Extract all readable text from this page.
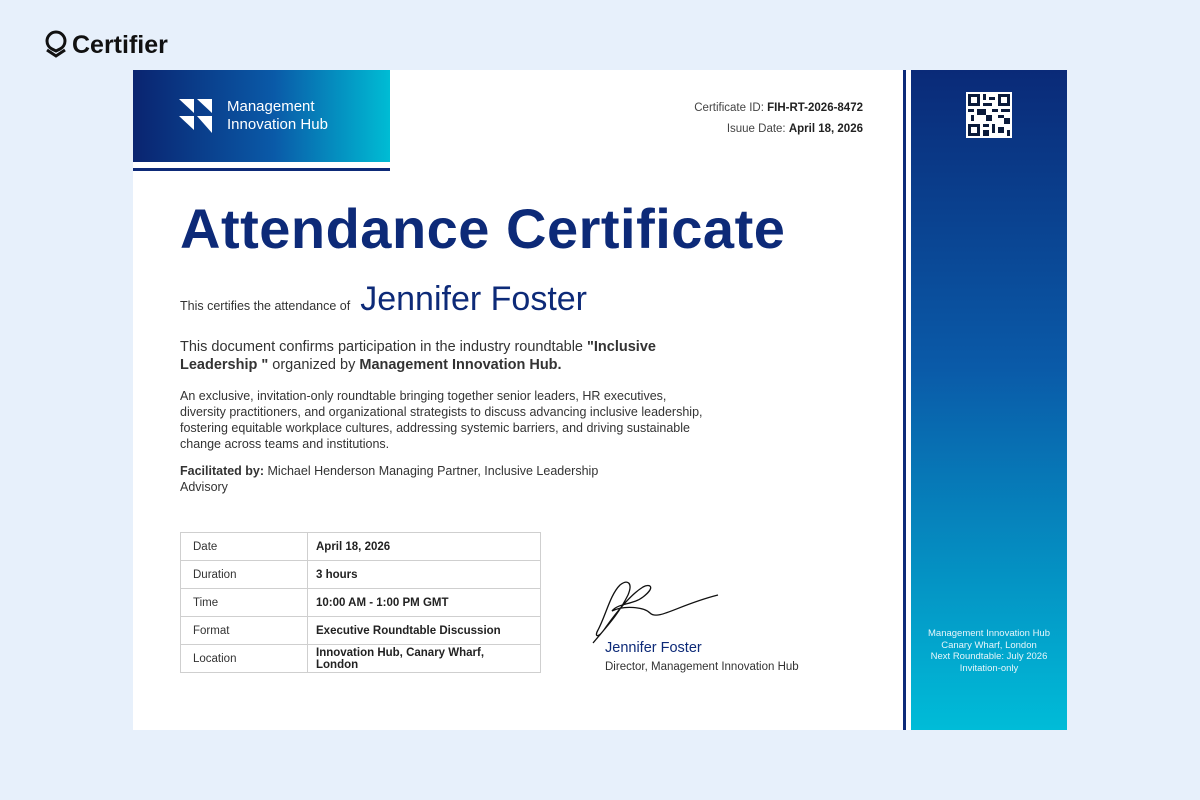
Certifier
Management
Innovation Hub
Certificate ID: FIH-RT-2026-8472
Isuue Date: April 18, 2026
Attendance Certificate
This certifies the attendance of Jennifer Foster
This document confirms participation in the industry roundtable "Inclusive Leadership " organized by Management Innovation Hub.
An exclusive, invitation-only roundtable bringing together senior leaders, HR executives, diversity practitioners, and organizational strategists to discuss advancing inclusive leadership, fostering equitable workplace cultures, addressing systemic barriers, and driving sustainable change across teams and institutions.
Facilitated by: Michael Henderson Managing Partner, Inclusive Leadership Advisory
Date	April 18, 2026
Duration	3 hours
Time	10:00 AM - 1:00 PM GMT
Format	Executive Roundtable Discussion
Location	Innovation Hub, Canary Wharf, London
Jennifer Foster
Director, Management Innovation Hub
Management Innovation Hub
Canary Wharf, London
Next Roundtable: July 2026
Invitation-only
